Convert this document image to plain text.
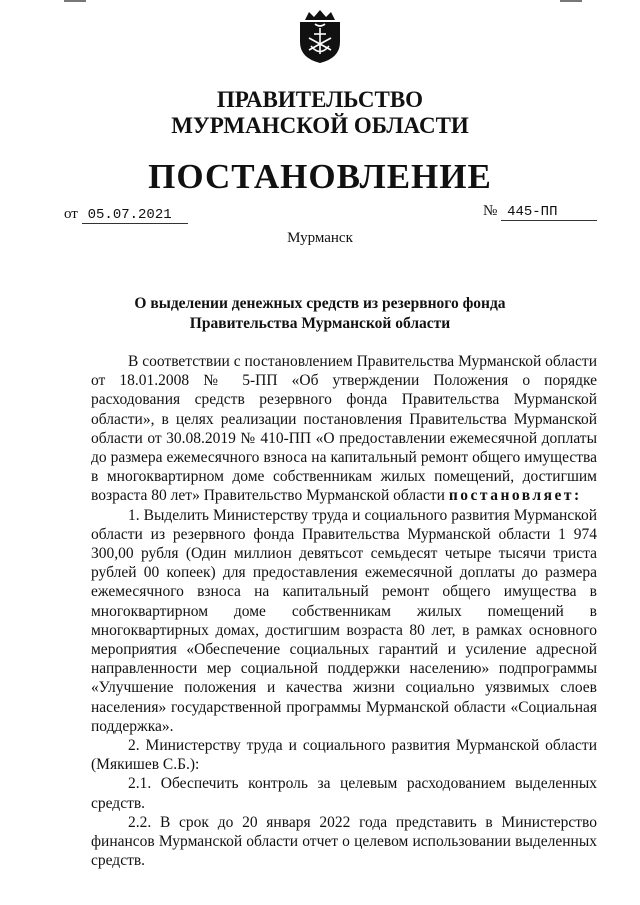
ПРАВИТЕЛЬСТВО
МУРМАНСКОЙ ОБЛАСТИ
ПОСТАНОВЛЕНИЕ
от 05.07.2021	№ 445-ПП
Мурманск
О выделении денежных средств из резервного фонда
Правительства Мурманской области

В соответствии с постановлением Правительства Мурманской области от 18.01.2008 № 5-ПП «Об утверждении Положения о порядке расходования средств резервного фонда Правительства Мурманской области», в целях реализации постановления Правительства Мурманской области от 30.08.2019 № 410-ПП «О предоставлении ежемесячной доплаты до размера ежемесячного взноса на капитальный ремонт общего имущества в многоквартирном доме собственникам жилых помещений, достигшим возраста 80 лет» Правительство Мурманской области постановляет:

1. Выделить Министерству труда и социального развития Мурманской области из резервного фонда Правительства Мурманской области 1 974 300,00 рубля (Один миллион девятьсот семьдесят четыре тысячи триста рублей 00 копеек) для предоставления ежемесячной доплаты до размера ежемесячного взноса на капитальный ремонт общего имущества в многоквартирном доме собственникам жилых помещений в многоквартирных домах, достигшим возраста 80 лет, в рамках основного мероприятия «Обеспечение социальных гарантий и усиление адресной направленности мер социальной поддержки населению» подпрограммы «Улучшение положения и качества жизни социально уязвимых слоев населения» государственной программы Мурманской области «Социальная поддержка».

2. Министерству труда и социального развития Мурманской области (Мякишев С.Б.):

2.1. Обеспечить контроль за целевым расходованием выделенных средств.

2.2. В срок до 20 января 2022 года представить в Министерство финансов Мурманской области отчет о целевом использовании выделенных средств.
